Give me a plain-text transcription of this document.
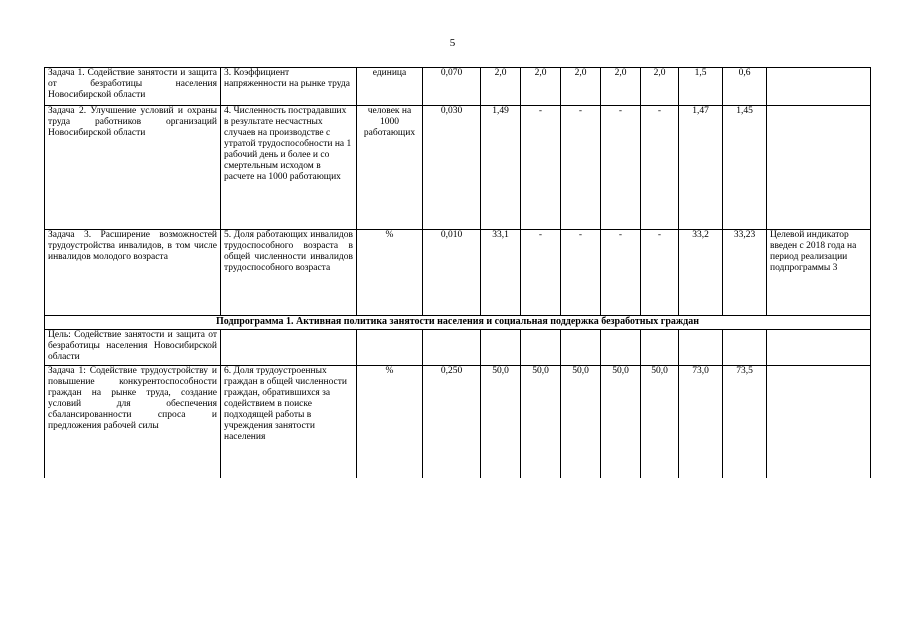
5
Задача 1. Содействие занятости и защита от безработицы населения Новосибирской области	3. Коэффициент напряженности на рынке труда	единица	0,070	2,0	2,0	2,0	2,0	2,0	1,5	0,6	
Задача 2. Улучшение условий и охраны труда работников организаций Новосибирской области	4. Численность пострадавших в результате несчастных случаев на производстве с утратой трудоспособности на 1 рабочий день и более и со смертельным исходом в расчете на 1000 работающих	человек на 1000 работающих	0,030	1,49	-	-	-	-	1,47	1,45	
Задача 3. Расширение возможностей трудоустройства инвалидов, в том числе инвалидов молодого возраста	5. Доля работающих инвалидов трудоспособного возраста в общей численности инвалидов трудоспособного возраста	%	0,010	33,1	-	-	-	-	33,2	33,23	Целевой индикатор введен с 2018 года на период реализации подпрограммы 3
Подпрограмма 1. Активная политика занятости населения и социальная поддержка безработных граждан											
Цель: Содействие занятости и защита от безработицы населения Новосибирской области											
Задача 1: Содействие трудоустройству и повышение конкурентоспособности граждан на рынке труда, создание условий для обеспечения сбалансированности спроса и предложения рабочей силы	6. Доля трудоустроенных граждан в общей численности граждан, обратившихся за содействием в поиске подходящей работы в учреждения занятости населения	%	0,250	50,0	50,0	50,0	50,0	50,0	73,0	73,5	
